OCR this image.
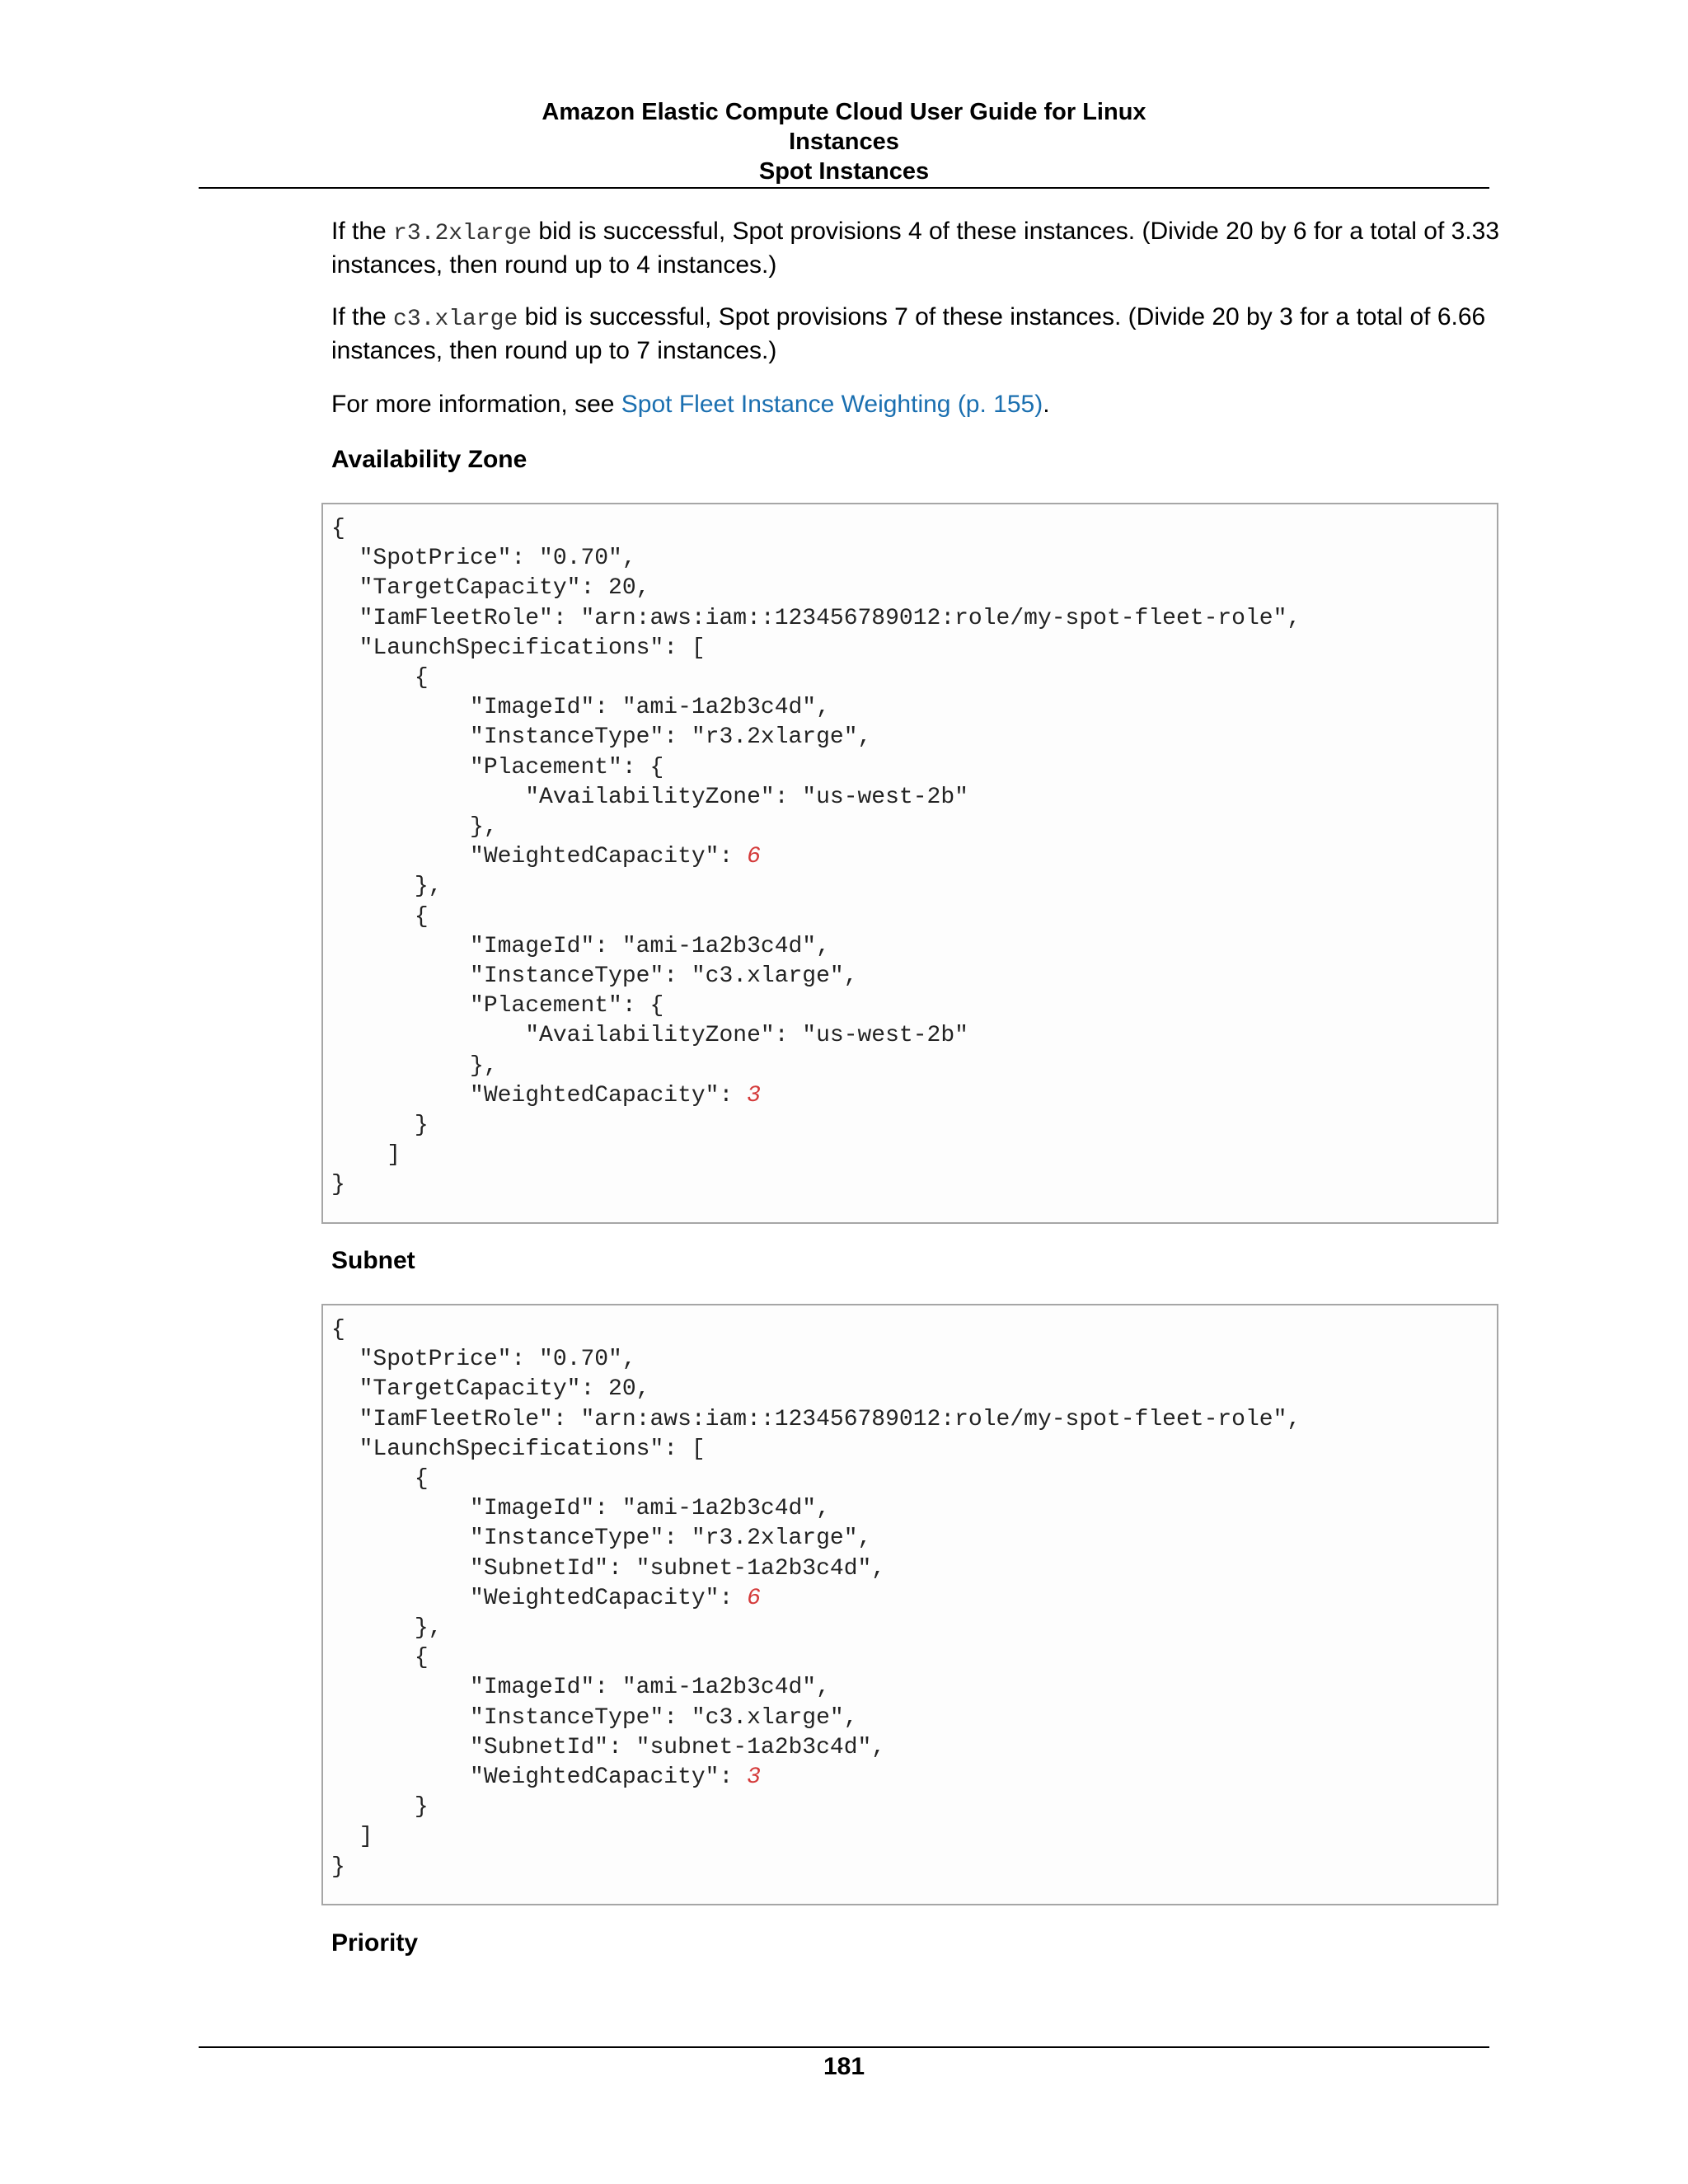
Amazon Elastic Compute Cloud User Guide for Linux
Instances
Spot Instances

If the r3.2xlarge bid is successful, Spot provisions 4 of these instances. (Divide 20 by 6 for a total of 3.33 instances, then round up to 4 instances.)

If the c3.xlarge bid is successful, Spot provisions 7 of these instances. (Divide 20 by 3 for a total of 6.66 instances, then round up to 7 instances.)

For more information, see Spot Fleet Instance Weighting (p. 155).

Availability Zone
{
"SpotPrice": "0.70",
"TargetCapacity": 20,
"IamFleetRole": "arn:aws:iam::123456789012:role/my-spot-fleet-role",
"LaunchSpecifications": [
{
"ImageId": "ami-1a2b3c4d",
"InstanceType": "r3.2xlarge",
"Placement": {
"AvailabilityZone": "us-west-2b"
},
"WeightedCapacity": 6
},
{
"ImageId": "ami-1a2b3c4d",
"InstanceType": "c3.xlarge",
"Placement": {
"AvailabilityZone": "us-west-2b"
},
"WeightedCapacity": 3
}
]
}
Subnet
{
"SpotPrice": "0.70",
"TargetCapacity": 20,
"IamFleetRole": "arn:aws:iam::123456789012:role/my-spot-fleet-role",
"LaunchSpecifications": [
{
"ImageId": "ami-1a2b3c4d",
"InstanceType": "r3.2xlarge",
"SubnetId": "subnet-1a2b3c4d",
"WeightedCapacity": 6
},
{
"ImageId": "ami-1a2b3c4d",
"InstanceType": "c3.xlarge",
"SubnetId": "subnet-1a2b3c4d",
"WeightedCapacity": 3
}
]
}
Priority
181
